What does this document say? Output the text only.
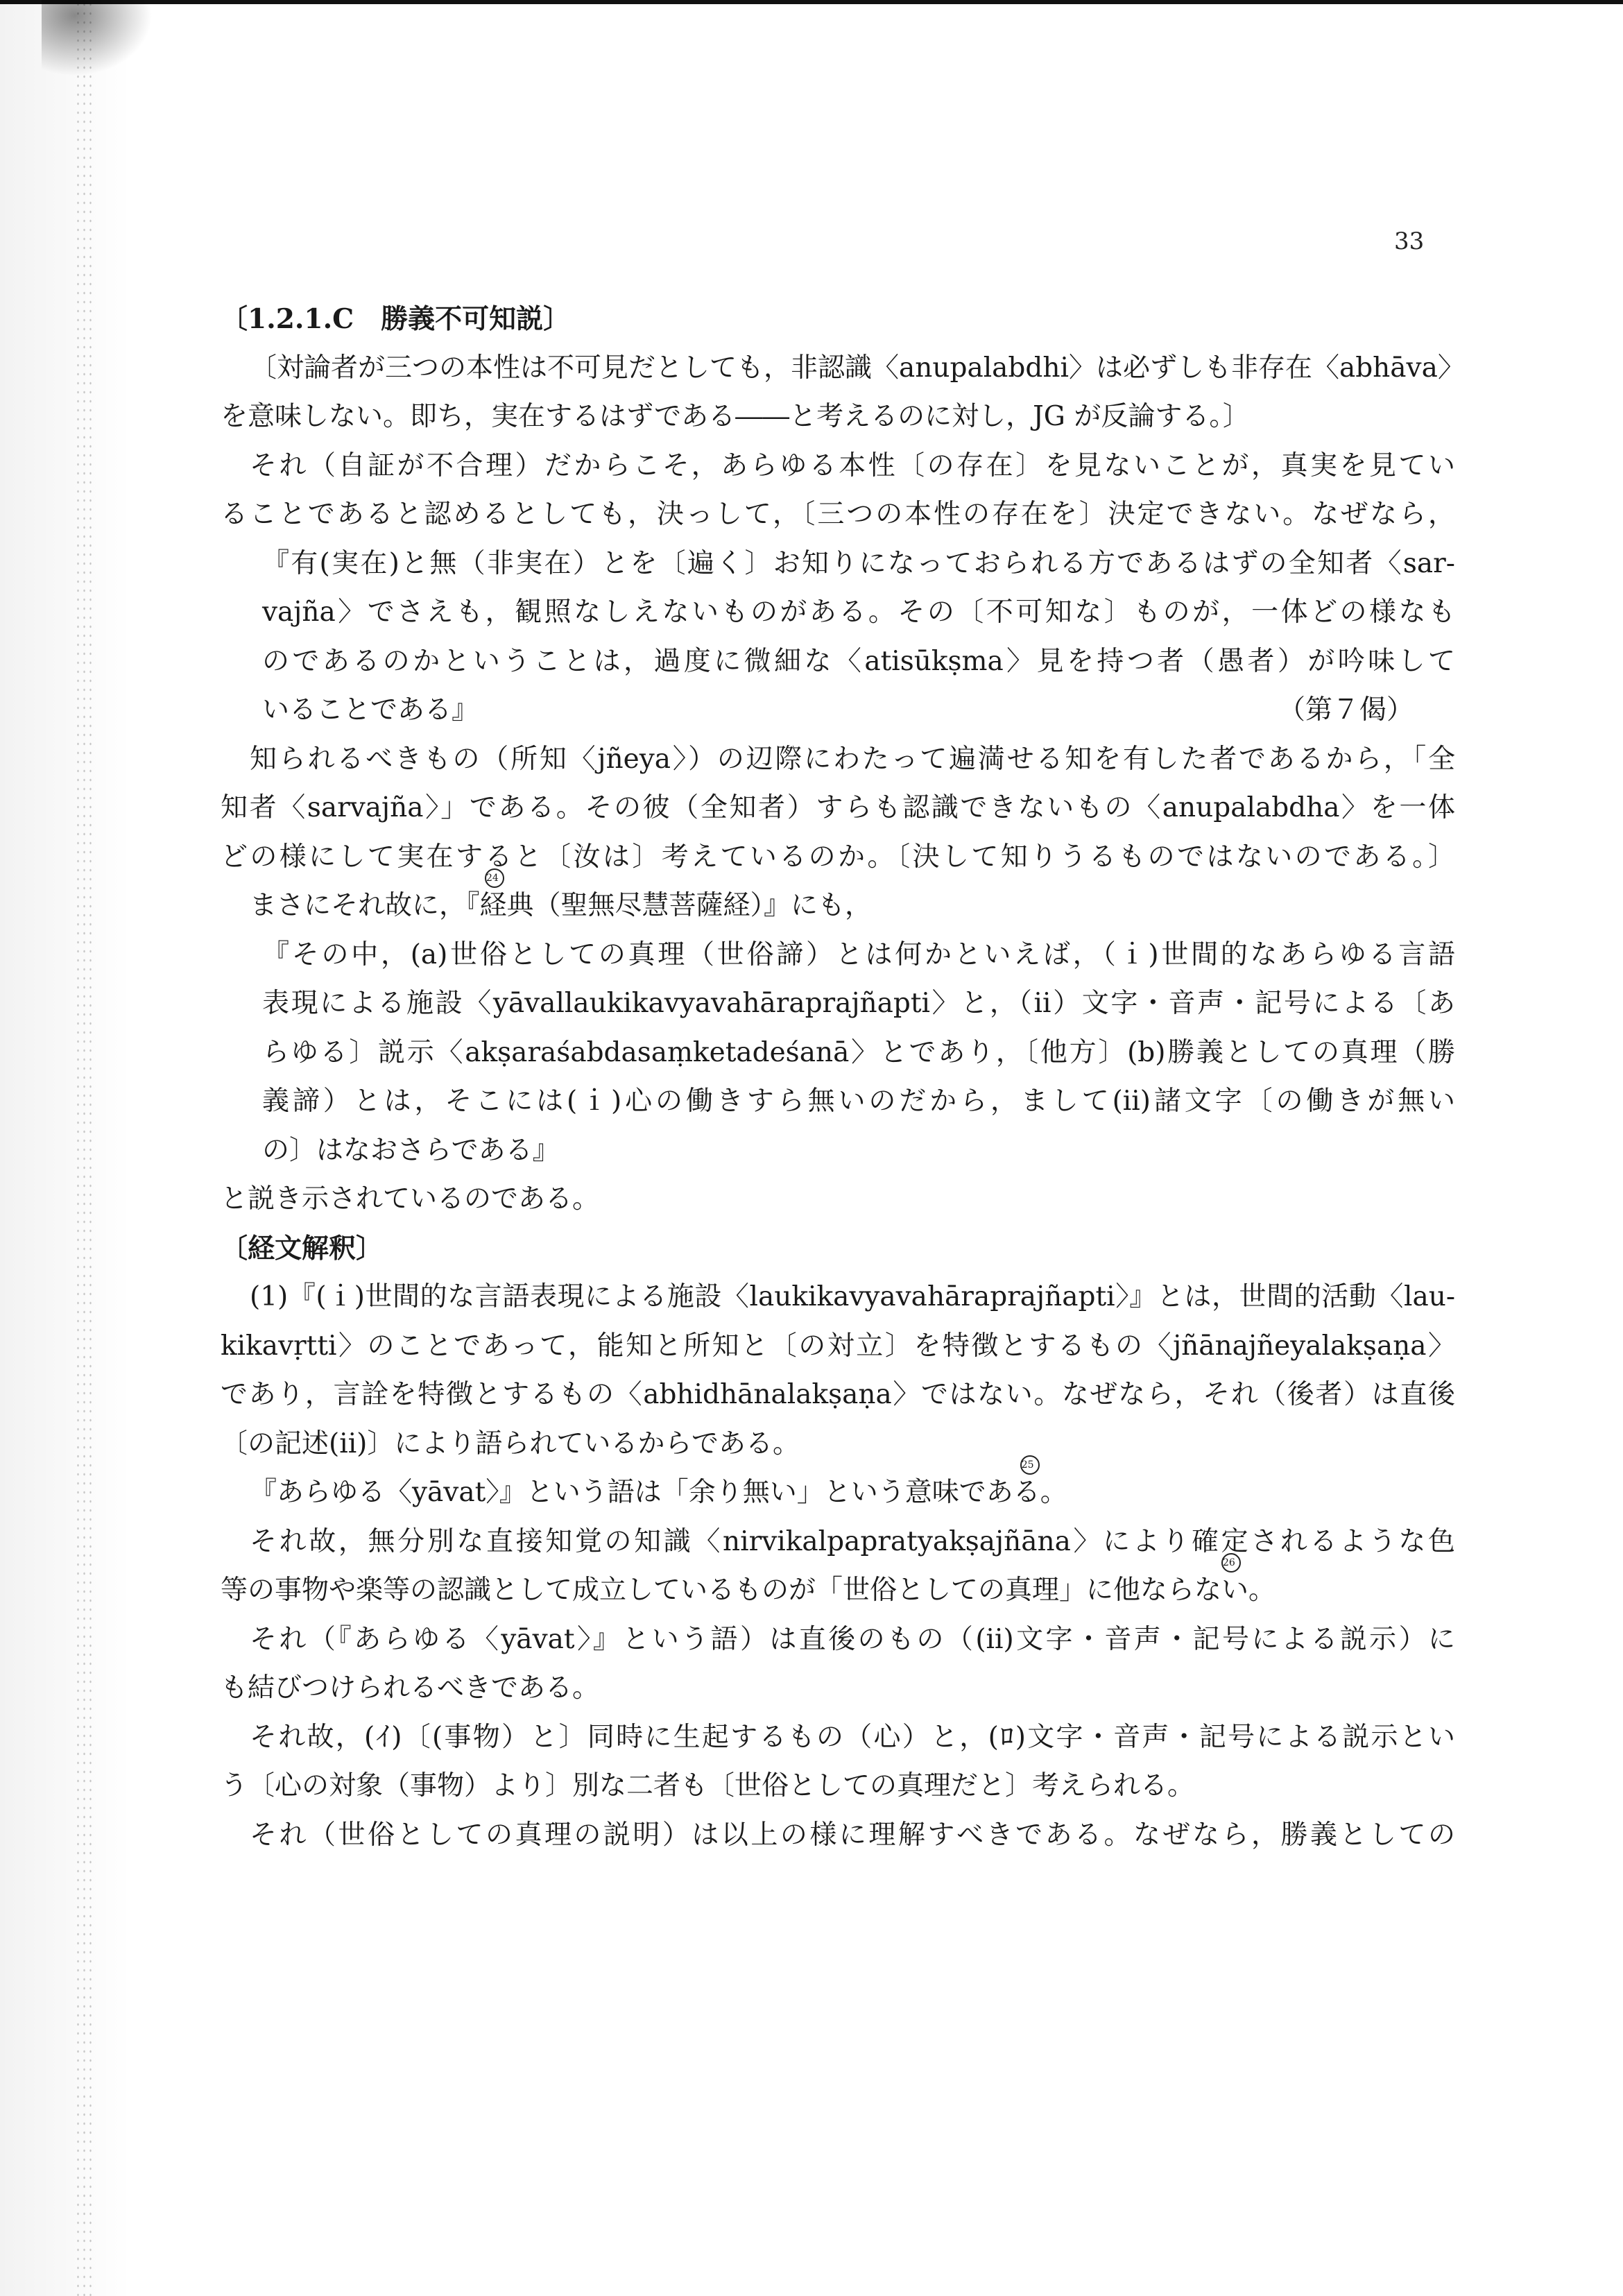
33
〔1.2.1.C　勝義不可知説〕
〔対論者が三つの本性は不可見だとしても，非認識〈anupalabdhi〉は必ずしも非存在〈abhāva〉
を意味しない。即ち，実在するはずである――と考えるのに対し，JG が反論する。〕
それ（自証が不合理）だからこそ，あらゆる本性〔の存在〕を見ないことが，真実を見てい
ることであると認めるとしても，決っして，〔三つの本性の存在を〕決定できない。なぜなら，
『有(実在)と無（非実在）とを〔遍く〕お知りになっておられる方であるはずの全知者〈sar-
vajña〉でさえも，観照なしえないものがある。その〔不可知な〕ものが，一体どの様なも
のであるのかということは，過度に微細な〈atisūkṣma〉見を持つ者（愚者）が吟味して
いることである』	（第７偈）
知られるべきもの（所知〈jñeya〉）の辺際にわたって遍満せる知を有した者であるから，「全
知者〈sarvajña〉」である。その彼（全知者）すらも認識できないもの〈anupalabdha〉を一体
どの様にして実在すると〔汝は〕考えているのか。〔決して知りうるものではないのである。〕
まさにそれ故に，『経典（聖無尽慧菩薩経）』にも，24
『その中，(a)世俗としての真理（世俗諦）とは何かといえば，（ｉ)世間的なあらゆる言語
表現による施設〈yāvallaukikavyavahāraprajñapti〉と，（ii）文字・音声・記号による〔あ
らゆる〕説示〈akṣaraśabdasaṃketadeśanā〉とであり，〔他方〕(b)勝義としての真理（勝
義諦）とは，そこには(ｉ)心の働きすら無いのだから，まして(ii)諸文字〔の働きが無い
の〕はなおさらである』
と説き示されているのである。
〔経文解釈〕
(1)『(ｉ)世間的な言語表現による施設〈laukikavyavahāraprajñapti〉』とは，世間的活動〈lau-
kikavṛtti〉のことであって，能知と所知と〔の対立〕を特徴とするもの〈jñānajñeyalakṣaṇa〉
であり，言詮を特徴とするもの〈abhidhānalakṣaṇa〉ではない。なぜなら，それ（後者）は直後
〔の記述(ii)〕により語られているからである。
『あらゆる〈yāvat〉』という語は「余り無い」という意味である。25
それ故，無分別な直接知覚の知識〈nirvikalpapratyakṣajñāna〉により確定されるような色
等の事物や楽等の認識として成立しているものが「世俗としての真理」に他ならない。26
それ（『あらゆる〈yāvat〉』という語）は直後のもの（(ii)文字・音声・記号による説示）に
も結びつけられるべきである。
それ故，(ｲ)〔(事物）と〕同時に生起するもの（心）と，(ﾛ)文字・音声・記号による説示とい
う〔心の対象（事物）より〕別な二者も〔世俗としての真理だと〕考えられる。
それ（世俗としての真理の説明）は以上の様に理解すべきである。なぜなら，勝義としての
